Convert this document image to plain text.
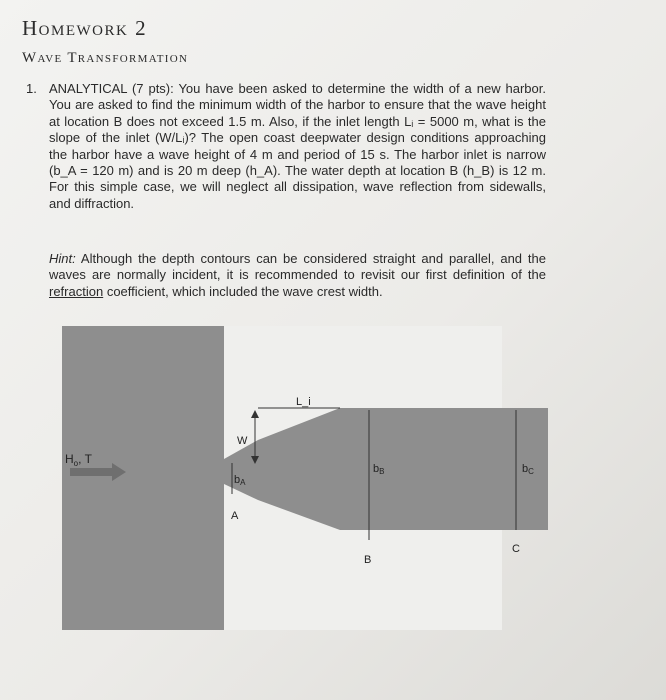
Homework 2
Wave Transformation
1. ANALYTICAL (7 pts): You have been asked to determine the width of a new harbor. You are asked to find the minimum width of the harbor to ensure that the wave height at location B does not exceed 1.5 m. Also, if the inlet length Lᵢ = 5000 m, what is the slope of the inlet (W/Lᵢ)? The open coast deepwater design conditions approaching the harbor have a wave height of 4 m and period of 15 s. The harbor inlet is narrow (b_A = 120 m) and is 20 m deep (h_A). The water depth at location B (h_B) is 12 m. For this simple case, we will neglect all dissipation, wave reflection from sidewalls, and diffraction.

Hint: Although the depth contours can be considered straight and parallel, and the waves are normally incident, it is recommended to revisit our first definition of the refraction coefficient, which included the wave crest width.

$H_o$, T
W
L_i
bA
A
bB
B
bC
C
